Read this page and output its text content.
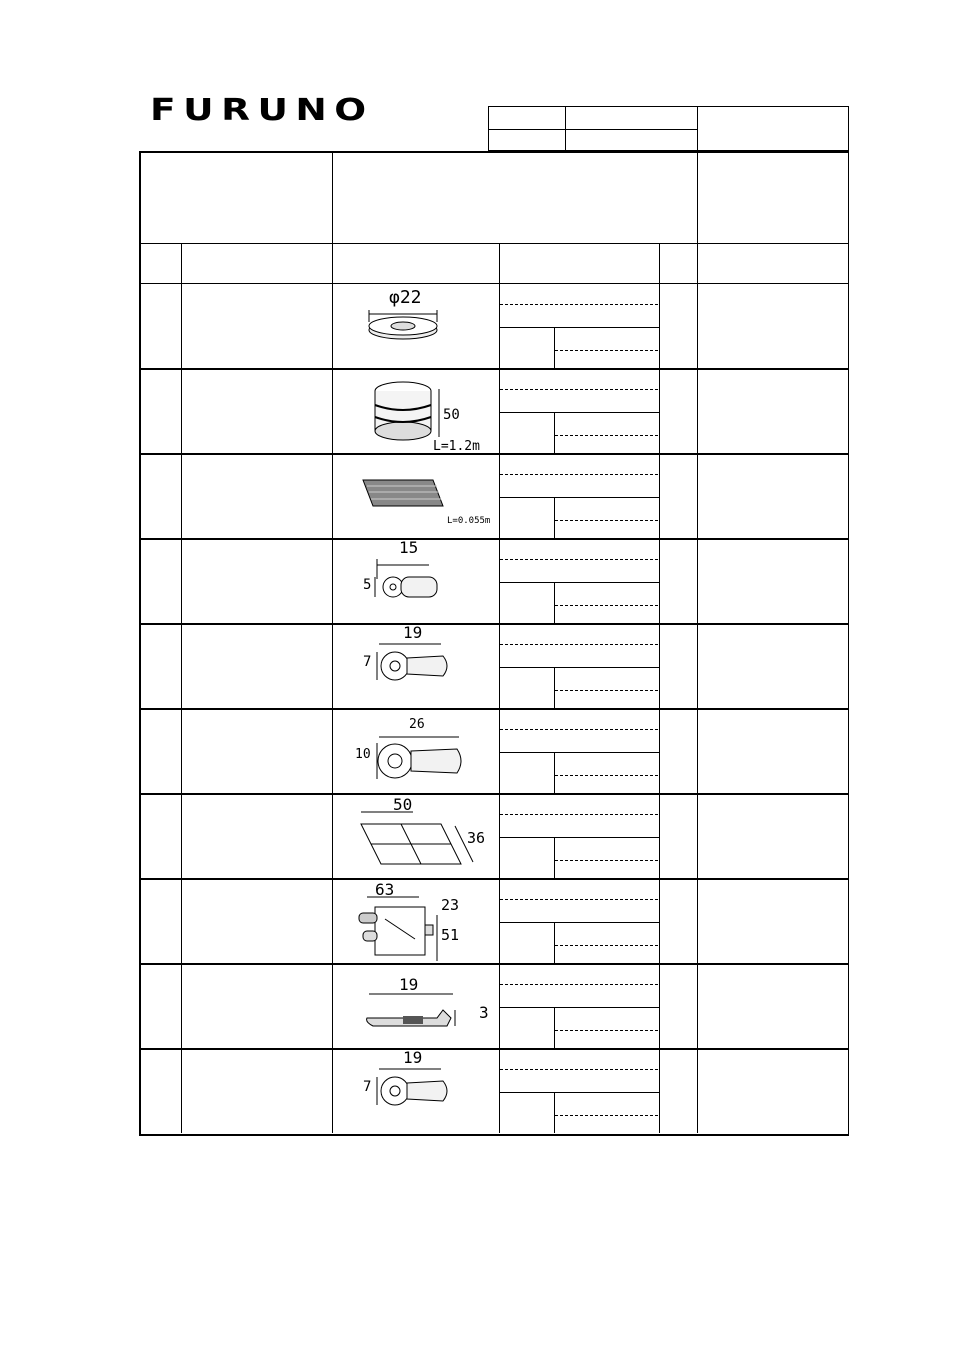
FURUNO
φ22
50
L=1.2m
L=0.055m
15
5
19
7
26
10
50
36
63
23
51
19
3
19
7
